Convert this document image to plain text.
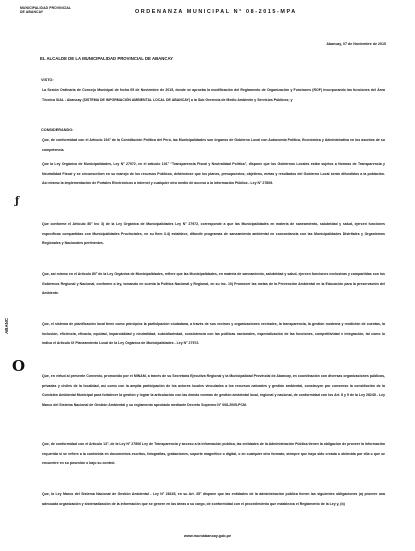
MUNICIPALIDAD PROVINCIAL
DE ABANCAY	ORDENANZA MUNICIPAL N° 08-2015-MPA
Abancay, 07 de Noviembre de 2015
EL ALCALDE DE LA MUNICIPALIDAD PROVINCIAL DE ABANCAY
VISTO:
La Sesión Ordinaria de Concejo Municipal de fecha 05 de Noviembre de 2015, donde se aprueba la modificación del Reglamento de Organización y Funciones (ROF) incorporando las funciones del Área Técnica SIAL - Abancay (SISTEMA DE INFORMACIÓN AMBIENTAL LOCAL DE ABANCAY) a la Sub Gerencia de Medio Ambiente y Servicios Públicos; y
CONSIDERANDO:
Que, de conformidad con el Artículo 194° de la Constitución Política del Perú, las Municipalidades son órganos de Gobierno Local con Autonomía Política, Económica y Administrativa en los asuntos de su competencia.
Que la Ley Orgánica de Municipalidades, Ley N° 27972, en el artículo 101° "Transparencia Fiscal y Neutralidad Política", dispone que los Gobiernos Locales están sujetos a Normas de Transparencia y Neutralidad Fiscal y se circunscriben en su manejo de los recursos Públicos, debiéndose que los planes, presupuestos, objetivos, metas y resultados del Gobierno Local serán difundidos a la población. Así mismo la implementación de Portales Electrónicos a internet y cualquier otro medio de acceso a la información Pública - Ley N° 27806.
Que conforme el Artículo 80° Inc 3) de la Ley Orgánica de Municipalidades Ley N° 27972, corresponde a que las Municipalidades en materia de saneamiento, salubridad y salud, ejercen funciones específicas compartidas con Municipalidades Provinciales, en su Ítem 3.4) establece, difundir programas de saneamiento ambiental en concordancia con las Municipalidades Distritales y Organismos Regionales y Nacionales pertinentes.
Que, así mismo en el Artículo 80° de la Ley Orgánica de Municipalidades, refiere que las Municipalidades, en materia de saneamiento, salubridad y salud, ejercen funciones exclusivas y compartidas con los Gobiernos Regional y Nacional, conforme a ley, tomando en cuenta la Política Nacional y Regional, en su inc. 10) Promover las metas de la Prevención Ambiental en la Educación para la preservación del Ambiente.
Que, el sistema de planificación local tiene como principios la participación ciudadana, a través de sus vecinos y organizaciones vecinales, la transparencia, la gestión moderna y rendición de cuentas, la inclusión, eficiencia, eficacia, equidad, imparcialidad y neutralidad, subsidiariedad, consistencia con las políticas nacionales, especialización de las funciones, competitividad e integración, tal como lo indica el Artículo IX Planeamiento Local de la Ley Orgánica de Municipalidades - Ley N° 27972.
Que, en virtud al presente Convenio, promovido por el MINAM, a través de su Secretaría Ejecutiva Regional y la Municipalidad Provincial de Abancay, en coordinación con diversas organizaciones públicas, privadas y civiles de la localidad, así como con la amplia participación de los actores locales vinculados a los recursos naturales y gestión ambiental, construyen por consenso la constitución de la Comisión Ambiental Municipal para fortalecer la gestión y lograr la articulación con las demás normas de gestión ambiental local, regional y nacional, de conformidad con los Art. 8 y 9 de la Ley 28245 - Ley Marco del Sistema Nacional de Gestión Ambiental y su reglamento aprobado mediante Decreto Supremo N° 008-2005-PCM.
Que, de conformidad con el Artículo 13°, de la Ley N° 27806 Ley de Transparencia y acceso a la información pública, las entidades de la Administración Pública tienen la obligación de proveer la información requerida si se refiere a la contenida en documentos escritos, fotografías, grabaciones, soporte magnético o digital, o en cualquier otro formato, siempre que haya sido creada u obtenida por ella o que se encuentre en su posesión o bajo su control.
Que, la Ley Marco del Sistema Nacional de Gestión Ambiental - Ley N° 28245, en su Art. 35° dispone que las entidades de la administración pública tienen las siguientes obligaciones (a) proveer una adecuada organización y sistematización de la información que se genere en las áreas a su cargo, de conformidad con el procedimiento que establezca el Reglamento de la Ley y, (b)
ABANC
ƒ
O
www.muniabancay.gob.pe
